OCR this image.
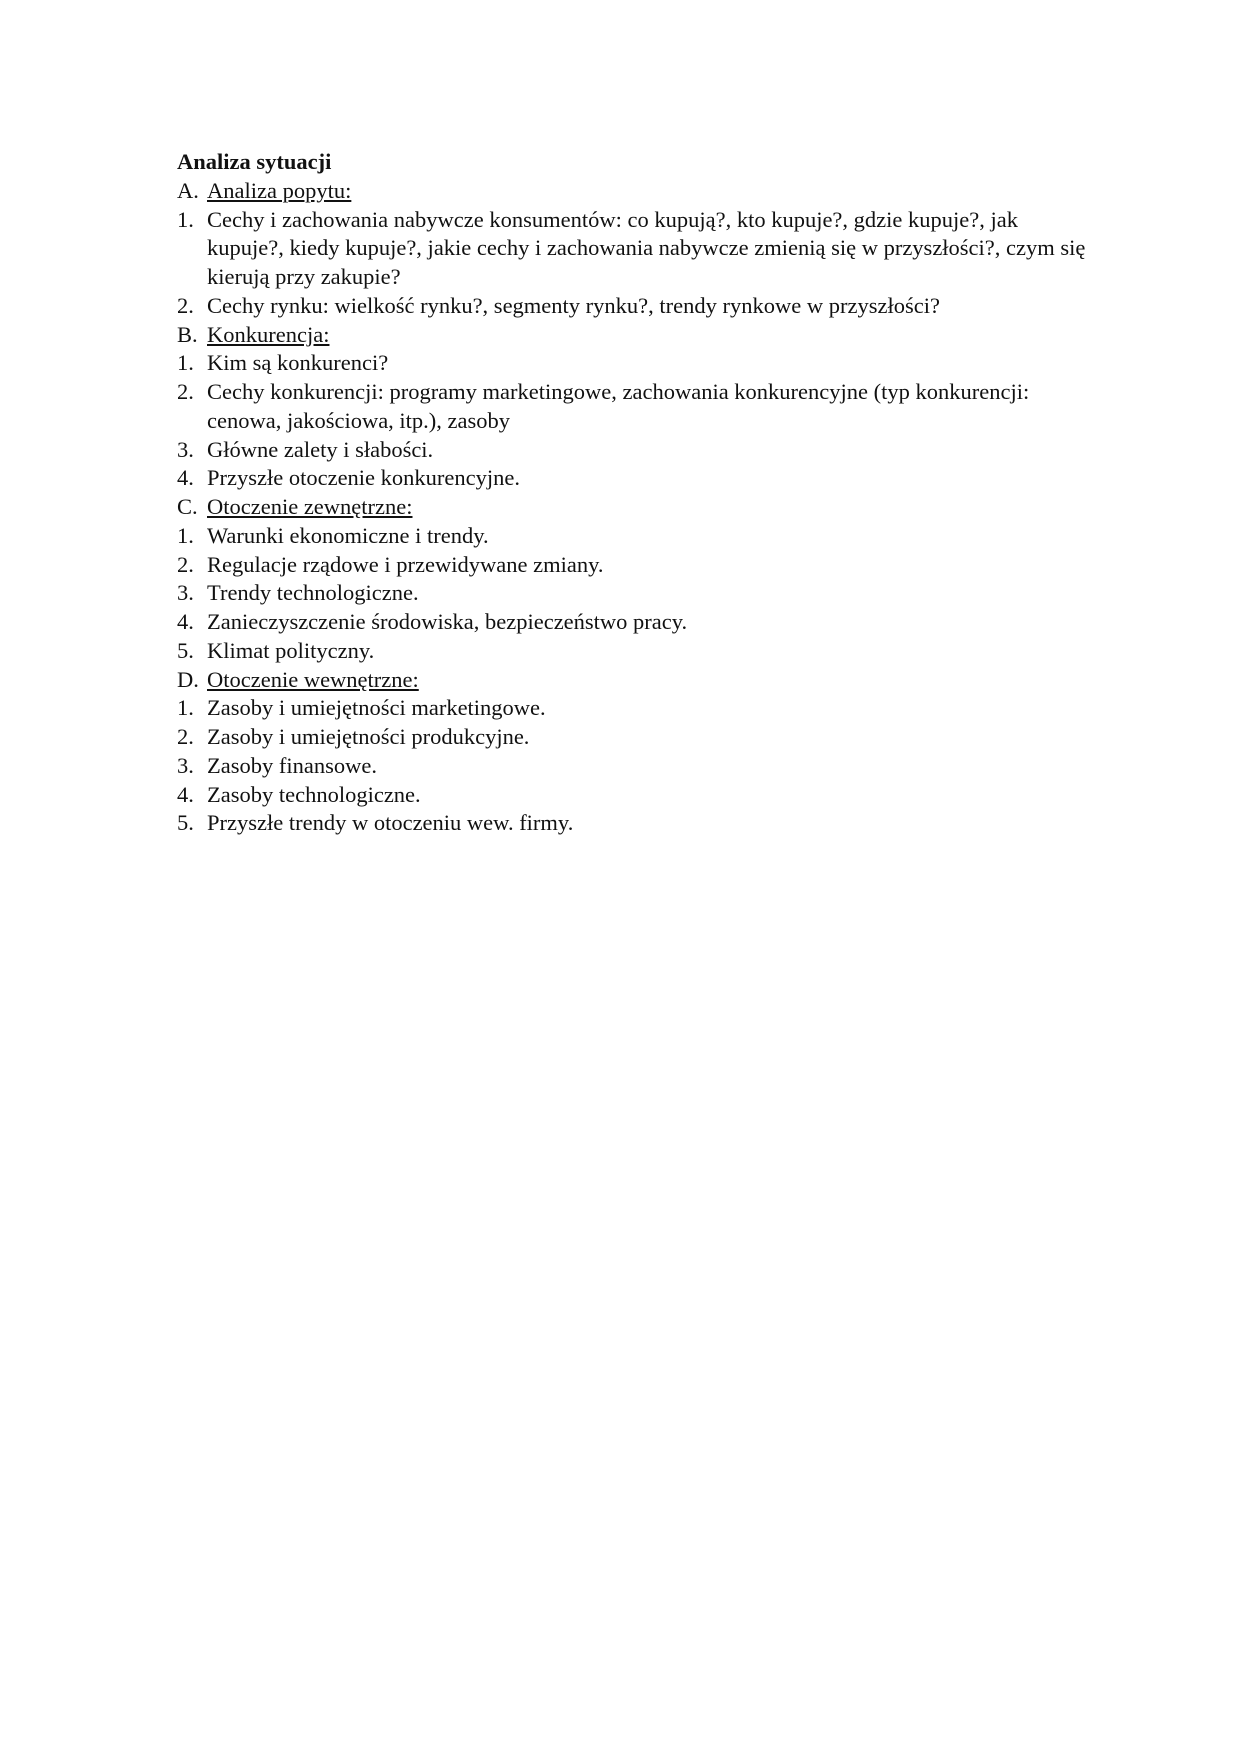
Analiza sytuacji
A. Analiza popytu:
1. Cechy i zachowania nabywcze konsumentów: co kupują?, kto kupuje?, gdzie kupuje?, jak kupuje?, kiedy kupuje?, jakie cechy i zachowania nabywcze zmienią się w przyszłości?, czym się kierują przy zakupie?
2. Cechy rynku: wielkość rynku?, segmenty rynku?, trendy rynkowe w przyszłości?
B. Konkurencja:
1. Kim są konkurenci?
2. Cechy konkurencji: programy marketingowe, zachowania konkurencyjne (typ konkurencji: cenowa, jakościowa, itp.), zasoby
3. Główne zalety i słabości.
4. Przyszłe otoczenie konkurencyjne.
C. Otoczenie zewnętrzne:
1. Warunki ekonomiczne i trendy.
2. Regulacje rządowe i przewidywane zmiany.
3. Trendy technologiczne.
4. Zanieczyszczenie środowiska, bezpieczeństwo pracy.
5. Klimat polityczny.
D. Otoczenie wewnętrzne:
1. Zasoby i umiejętności marketingowe.
2. Zasoby i umiejętności produkcyjne.
3. Zasoby finansowe.
4. Zasoby technologiczne.
5. Przyszłe trendy w otoczeniu wew. firmy.
